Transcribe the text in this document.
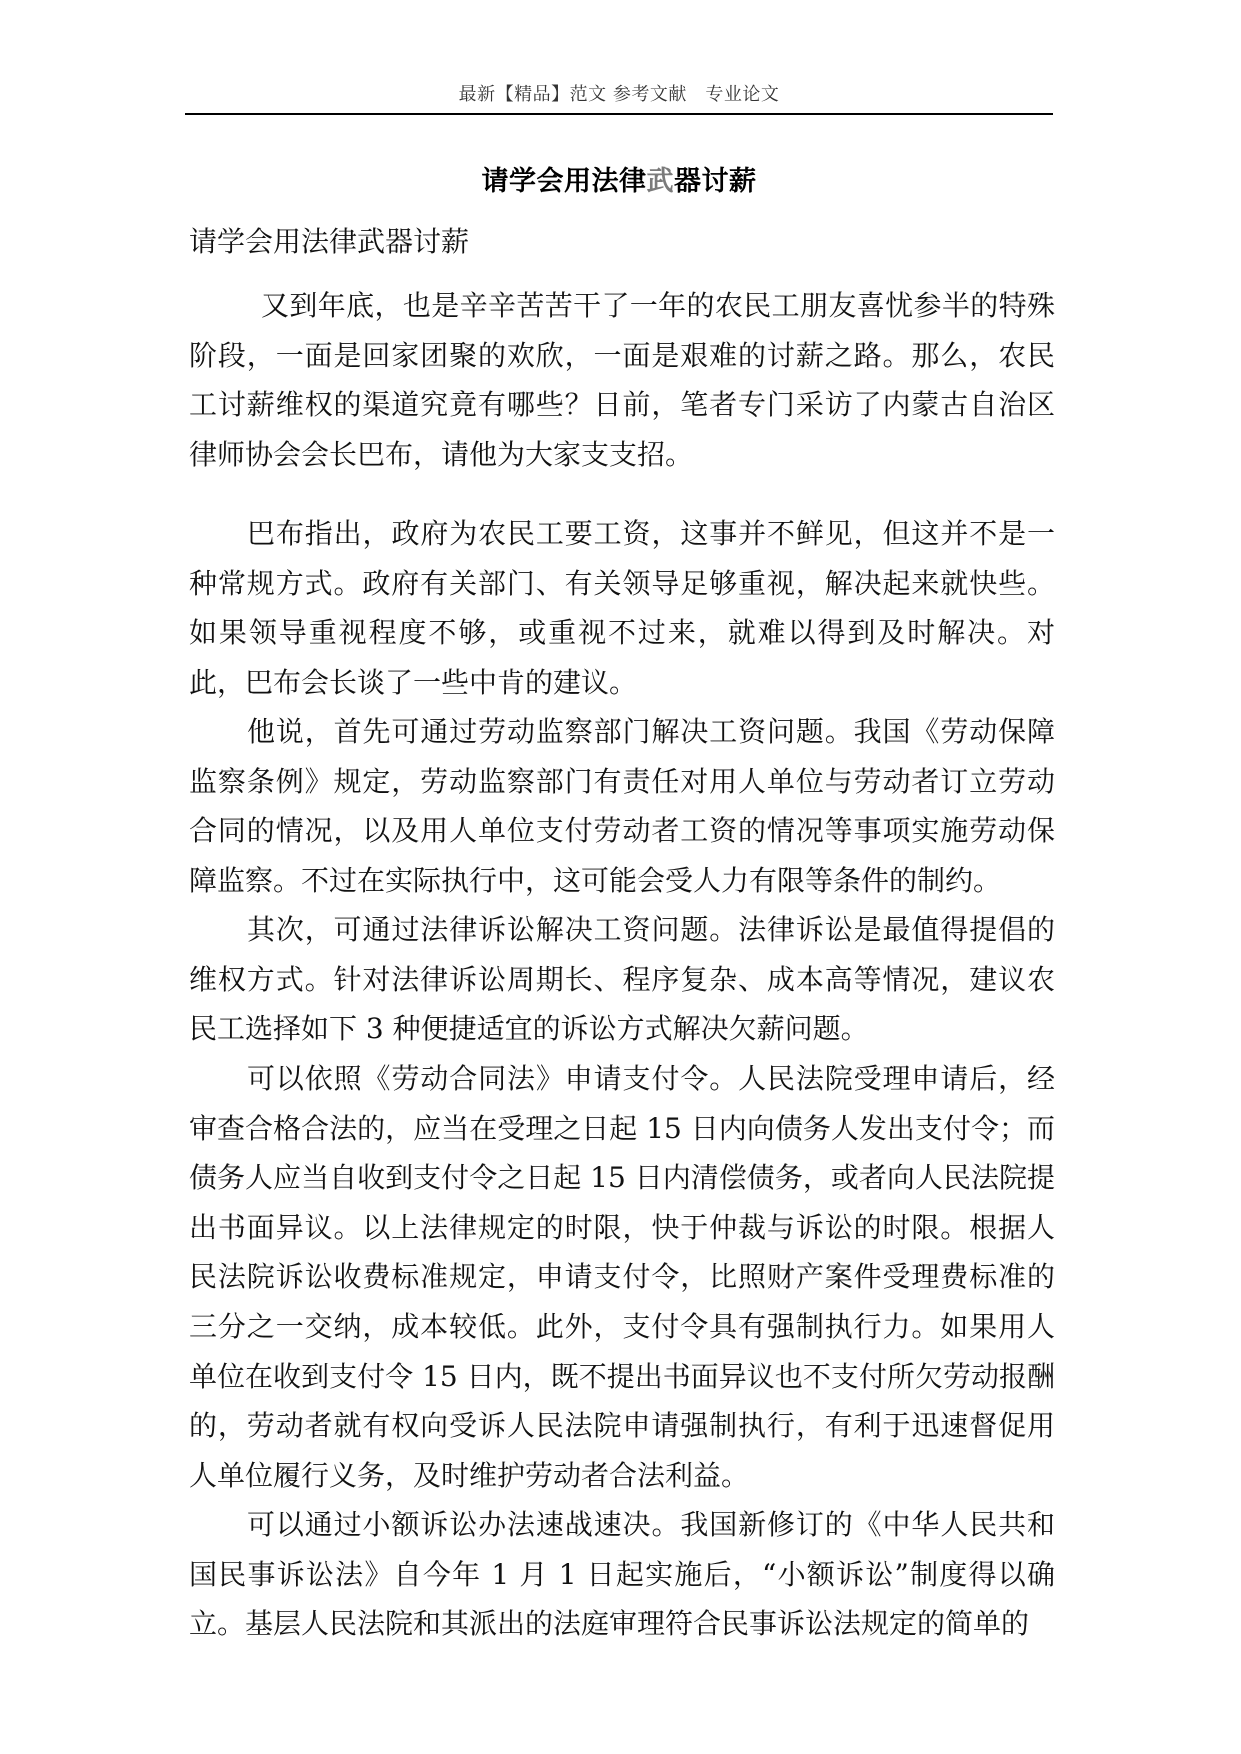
最新【精品】范文 参考文献　专业论文
请学会用法律武器讨薪
请学会用法律武器讨薪

又到年底，也是辛辛苦苦干了一年的农民工朋友喜忧参半的特殊阶段，一面是回家团聚的欢欣，一面是艰难的讨薪之路。那么，农民工讨薪维权的渠道究竟有哪些？日前，笔者专门采访了内蒙古自治区律师协会会长巴布，请他为大家支支招。

巴布指出，政府为农民工要工资，这事并不鲜见，但这并不是一种常规方式。政府有关部门、有关领导足够重视，解决起来就快些。如果领导重视程度不够，或重视不过来，就难以得到及时解决。对此，巴布会长谈了一些中肯的建议。

他说，首先可通过劳动监察部门解决工资问题。我国《劳动保障监察条例》规定，劳动监察部门有责任对用人单位与劳动者订立劳动合同的情况，以及用人单位支付劳动者工资的情况等事项实施劳动保障监察。不过在实际执行中，这可能会受人力有限等条件的制约。

其次，可通过法律诉讼解决工资问题。法律诉讼是最值得提倡的维权方式。针对法律诉讼周期长、程序复杂、成本高等情况，建议农民工选择如下 3 种便捷适宜的诉讼方式解决欠薪问题。

可以依照《劳动合同法》申请支付令。人民法院受理申请后，经审查合格合法的，应当在受理之日起 15 日内向债务人发出支付令；而债务人应当自收到支付令之日起 15 日内清偿债务，或者向人民法院提出书面异议。以上法律规定的时限，快于仲裁与诉讼的时限。根据人民法院诉讼收费标准规定，申请支付令，比照财产案件受理费标准的三分之一交纳，成本较低。此外，支付令具有强制执行力。如果用人单位在收到支付令 15 日内，既不提出书面异议也不支付所欠劳动报酬的，劳动者就有权向受诉人民法院申请强制执行，有利于迅速督促用人单位履行义务，及时维护劳动者合法利益。

可以通过小额诉讼办法速战速决。我国新修订的《中华人民共和国民事诉讼法》自今年 1 月 1 日起实施后，“小额诉讼”制度得以确立。基层人民法院和其派出的法庭审理符合民事诉讼法规定的简单的
